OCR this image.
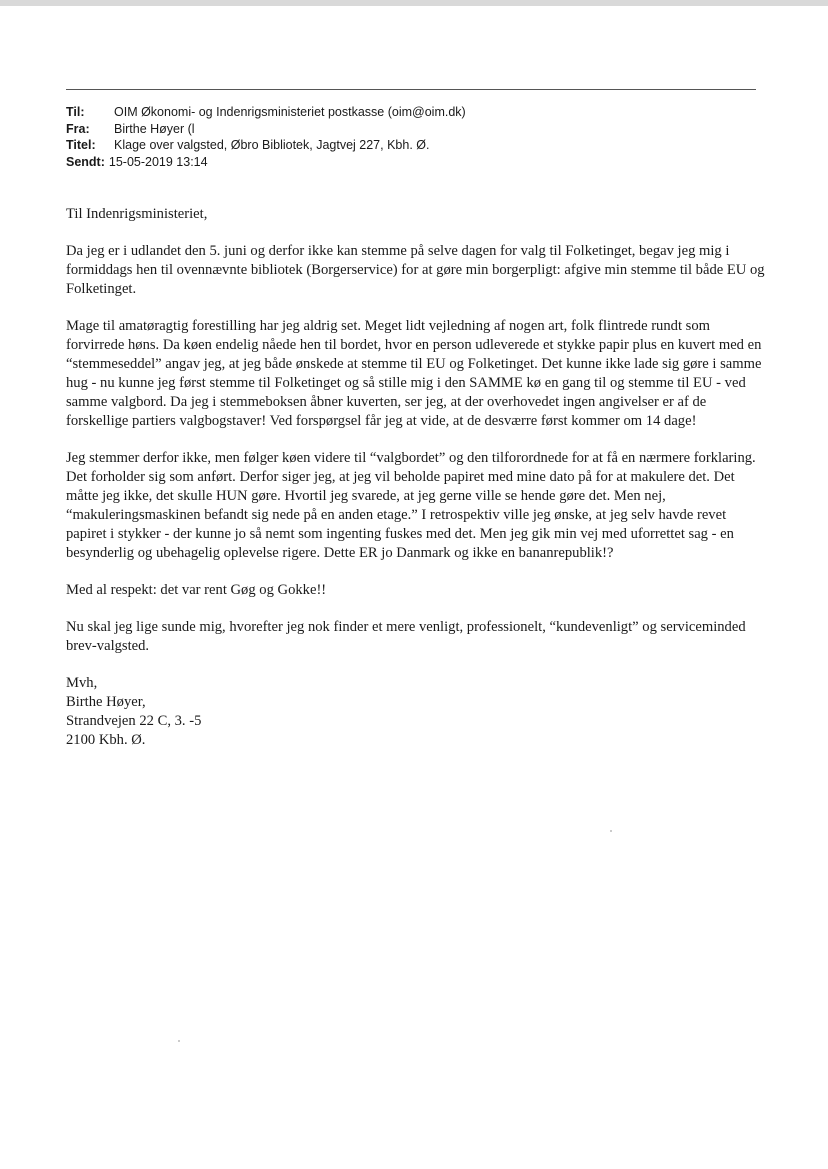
Til:	OIM Økonomi- og Indenrigsministeriet postkasse (oim@oim.dk)
Fra:	Birthe Høyer (l
Titel:	Klage over valgsted, Øbro Bibliotek, Jagtvej 227, Kbh. Ø.
Sendt: 15-05-2019 13:14

Til Indenrigsministeriet,

Da jeg er i udlandet den 5. juni og derfor ikke kan stemme på selve dagen for valg til Folketinget, begav jeg mig i formiddags hen til ovennævnte bibliotek (Borgerservice) for at gøre min borgerpligt: afgive min stemme til både EU og Folketinget.

Mage til amatøragtig forestilling har jeg aldrig set. Meget lidt vejledning af nogen art, folk flintrede rundt som forvirrede høns. Da køen endelig nåede hen til bordet, hvor en person udleverede et stykke papir plus en kuvert med en “stemmeseddel” angav jeg, at jeg både ønskede at stemme til EU og Folketinget. Det kunne ikke lade sig gøre i samme hug - nu kunne jeg først stemme til Folketinget og så stille mig i den SAMME kø en gang til og stemme til EU - ved samme valgbord. Da jeg i stemmeboksen åbner kuverten, ser jeg, at der overhovedet ingen angivelser er af de forskellige partiers valgbogstaver! Ved forspørgsel får jeg at vide, at de desværre først kommer om 14 dage!

Jeg stemmer derfor ikke, men følger køen videre til “valgbordet” og den tilforordnede for at få en nærmere forklaring. Det forholder sig som anført. Derfor siger jeg, at jeg vil beholde papiret med mine dato på for at makulere det. Det måtte jeg ikke, det skulle HUN gøre. Hvortil jeg svarede, at jeg gerne ville se hende gøre det. Men nej, “makuleringsmaskinen befandt sig nede på en anden etage.” I retrospektiv ville jeg ønske, at jeg selv havde revet papiret i stykker - der kunne jo så nemt som ingenting fuskes med det. Men jeg gik min vej med uforrettet sag - en besynderlig og ubehagelig oplevelse rigere. Dette ER jo Danmark og ikke en bananrepublik!?

Med al respekt: det var rent Gøg og Gokke!!

Nu skal jeg lige sunde mig, hvorefter jeg nok finder et mere venligt, professionelt, “kundevenligt” og serviceminded brev-valgsted.

Mvh,

Birthe Høyer,

Strandvejen 22 C, 3. -5

2100 Kbh. Ø.
